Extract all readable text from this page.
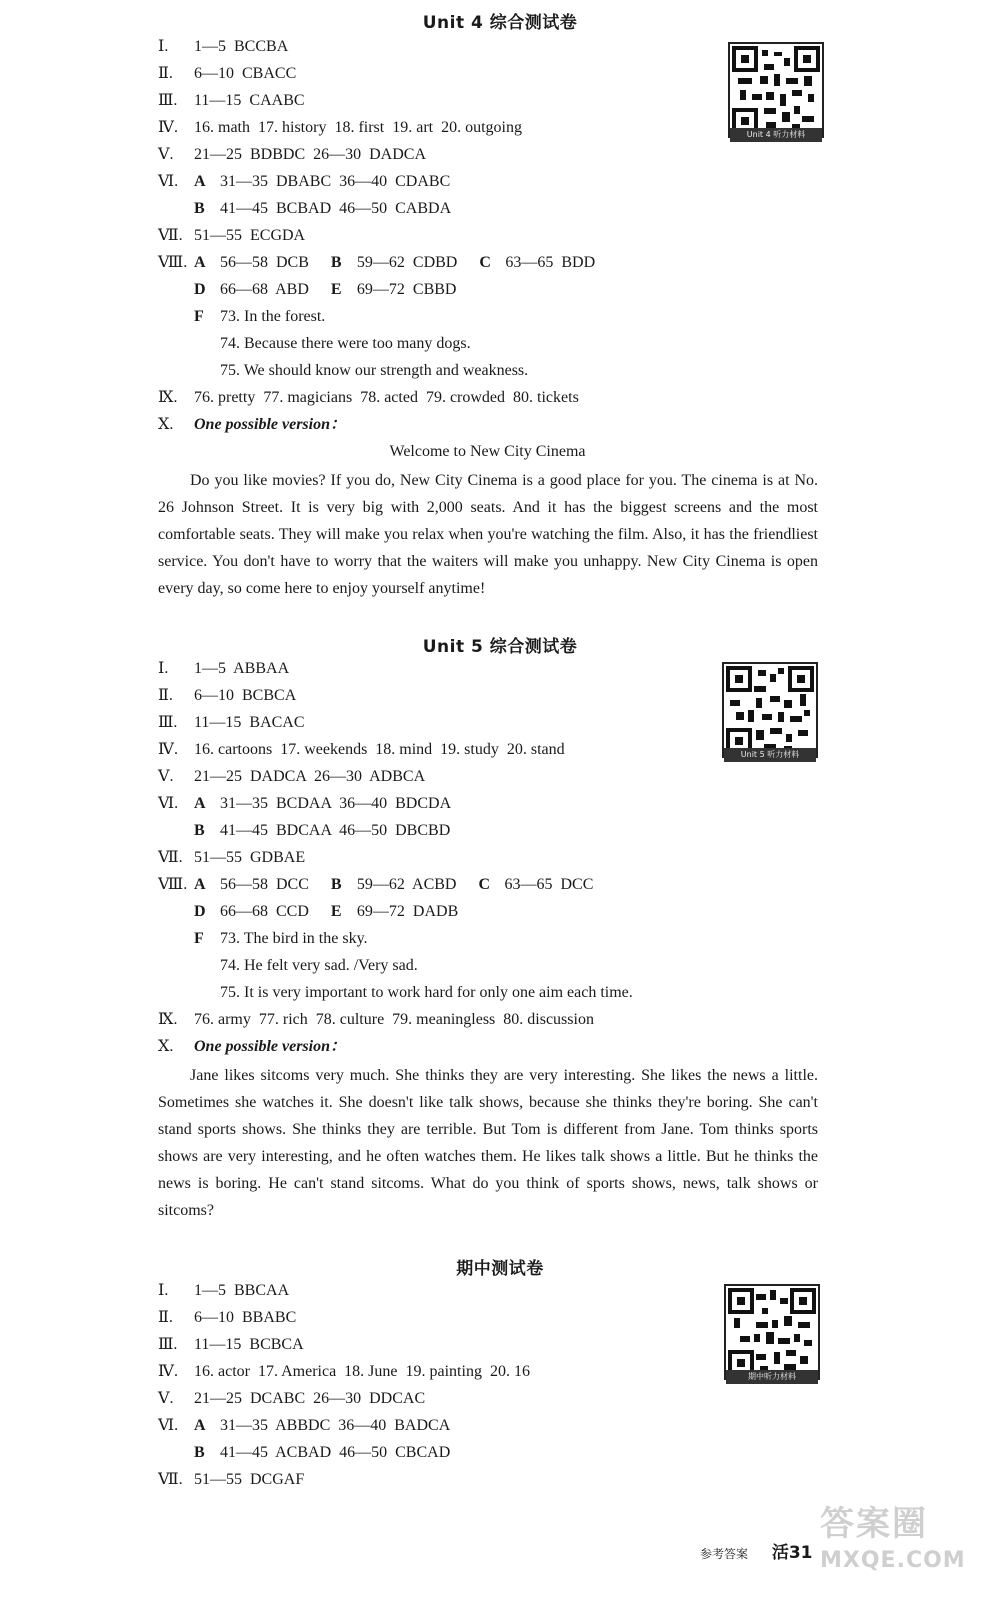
Unit 4 综合测试卷
Unit 4 听力材料
Ⅰ. 1—5  BCCBA
Ⅱ. 6—10  CBACC
Ⅲ. 11—15  CAABC
Ⅳ. 16. math  17. history  18. first  19. art  20. outgoing
Ⅴ. 21—25  BDBDC  26—30  DADCA
Ⅵ. A 31—35  DBABC  36—40  CDABC
B 41—45  BCBAD  46—50  CABDA
Ⅶ. 51—55  ECGDA
Ⅷ. A 56—58  DCB B 59—62  CDBD C 63—65  BDD
D 66—68  ABD E 69—72  CBBD
F 73. In the forest.
74. Because there were too many dogs.
75. We should know our strength and weakness.
Ⅸ. 76. pretty  77. magicians  78. acted  79. crowded  80. tickets
Ⅹ. One possible version：
Welcome to New City Cinema
Do you like movies? If you do, New City Cinema is a good place for you. The cinema is at No. 26 Johnson Street. It is very big with 2,000 seats. And it has the biggest screens and the most comfortable seats. They will make you relax when you're watching the film. Also, it has the friendliest service. You don't have to worry that the waiters will make you unhappy. New City Cinema is open every day, so come here to enjoy yourself anytime!
Unit 5 综合测试卷
Unit 5 听力材料
Ⅰ. 1—5  ABBAA
Ⅱ. 6—10  BCBCA
Ⅲ. 11—15  BACAC
Ⅳ. 16. cartoons  17. weekends  18. mind  19. study  20. stand
Ⅴ. 21—25  DADCA  26—30  ADBCA
Ⅵ. A 31—35  BCDAA  36—40  BDCDA
B 41—45  BDCAA  46—50  DBCBD
Ⅶ. 51—55  GDBAE
Ⅷ. A 56—58  DCC B 59—62  ACBD C 63—65  DCC
D 66—68  CCD E 69—72  DADB
F 73. The bird in the sky.
74. He felt very sad. /Very sad.
75. It is very important to work hard for only one aim each time.
Ⅸ. 76. army  77. rich  78. culture  79. meaningless  80. discussion
Ⅹ. One possible version：
Jane likes sitcoms very much. She thinks they are very interesting. She likes the news a little. Sometimes she watches it. She doesn't like talk shows, because she thinks they're boring. She can't stand sports shows. She thinks they are terrible. But Tom is different from Jane. Tom thinks sports shows are very interesting, and he often watches them. He likes talk shows a little. But he thinks the news is boring. He can't stand sitcoms. What do you think of sports shows, news, talk shows or sitcoms?
期中测试卷
期中听力材料
Ⅰ. 1—5  BBCAA
Ⅱ. 6—10  BBABC
Ⅲ. 11—15  BCBCA
Ⅳ. 16. actor  17. America  18. June  19. painting  20. 16
Ⅴ. 21—25  DCABC  26—30  DDCAC
Ⅵ. A 31—35  ABBDC  36—40  BADCA
B 41—45  ACBAD  46—50  CBCAD
Ⅶ. 51—55  DCGAF
参考答案 活31
答案圈
MXQE.COM
